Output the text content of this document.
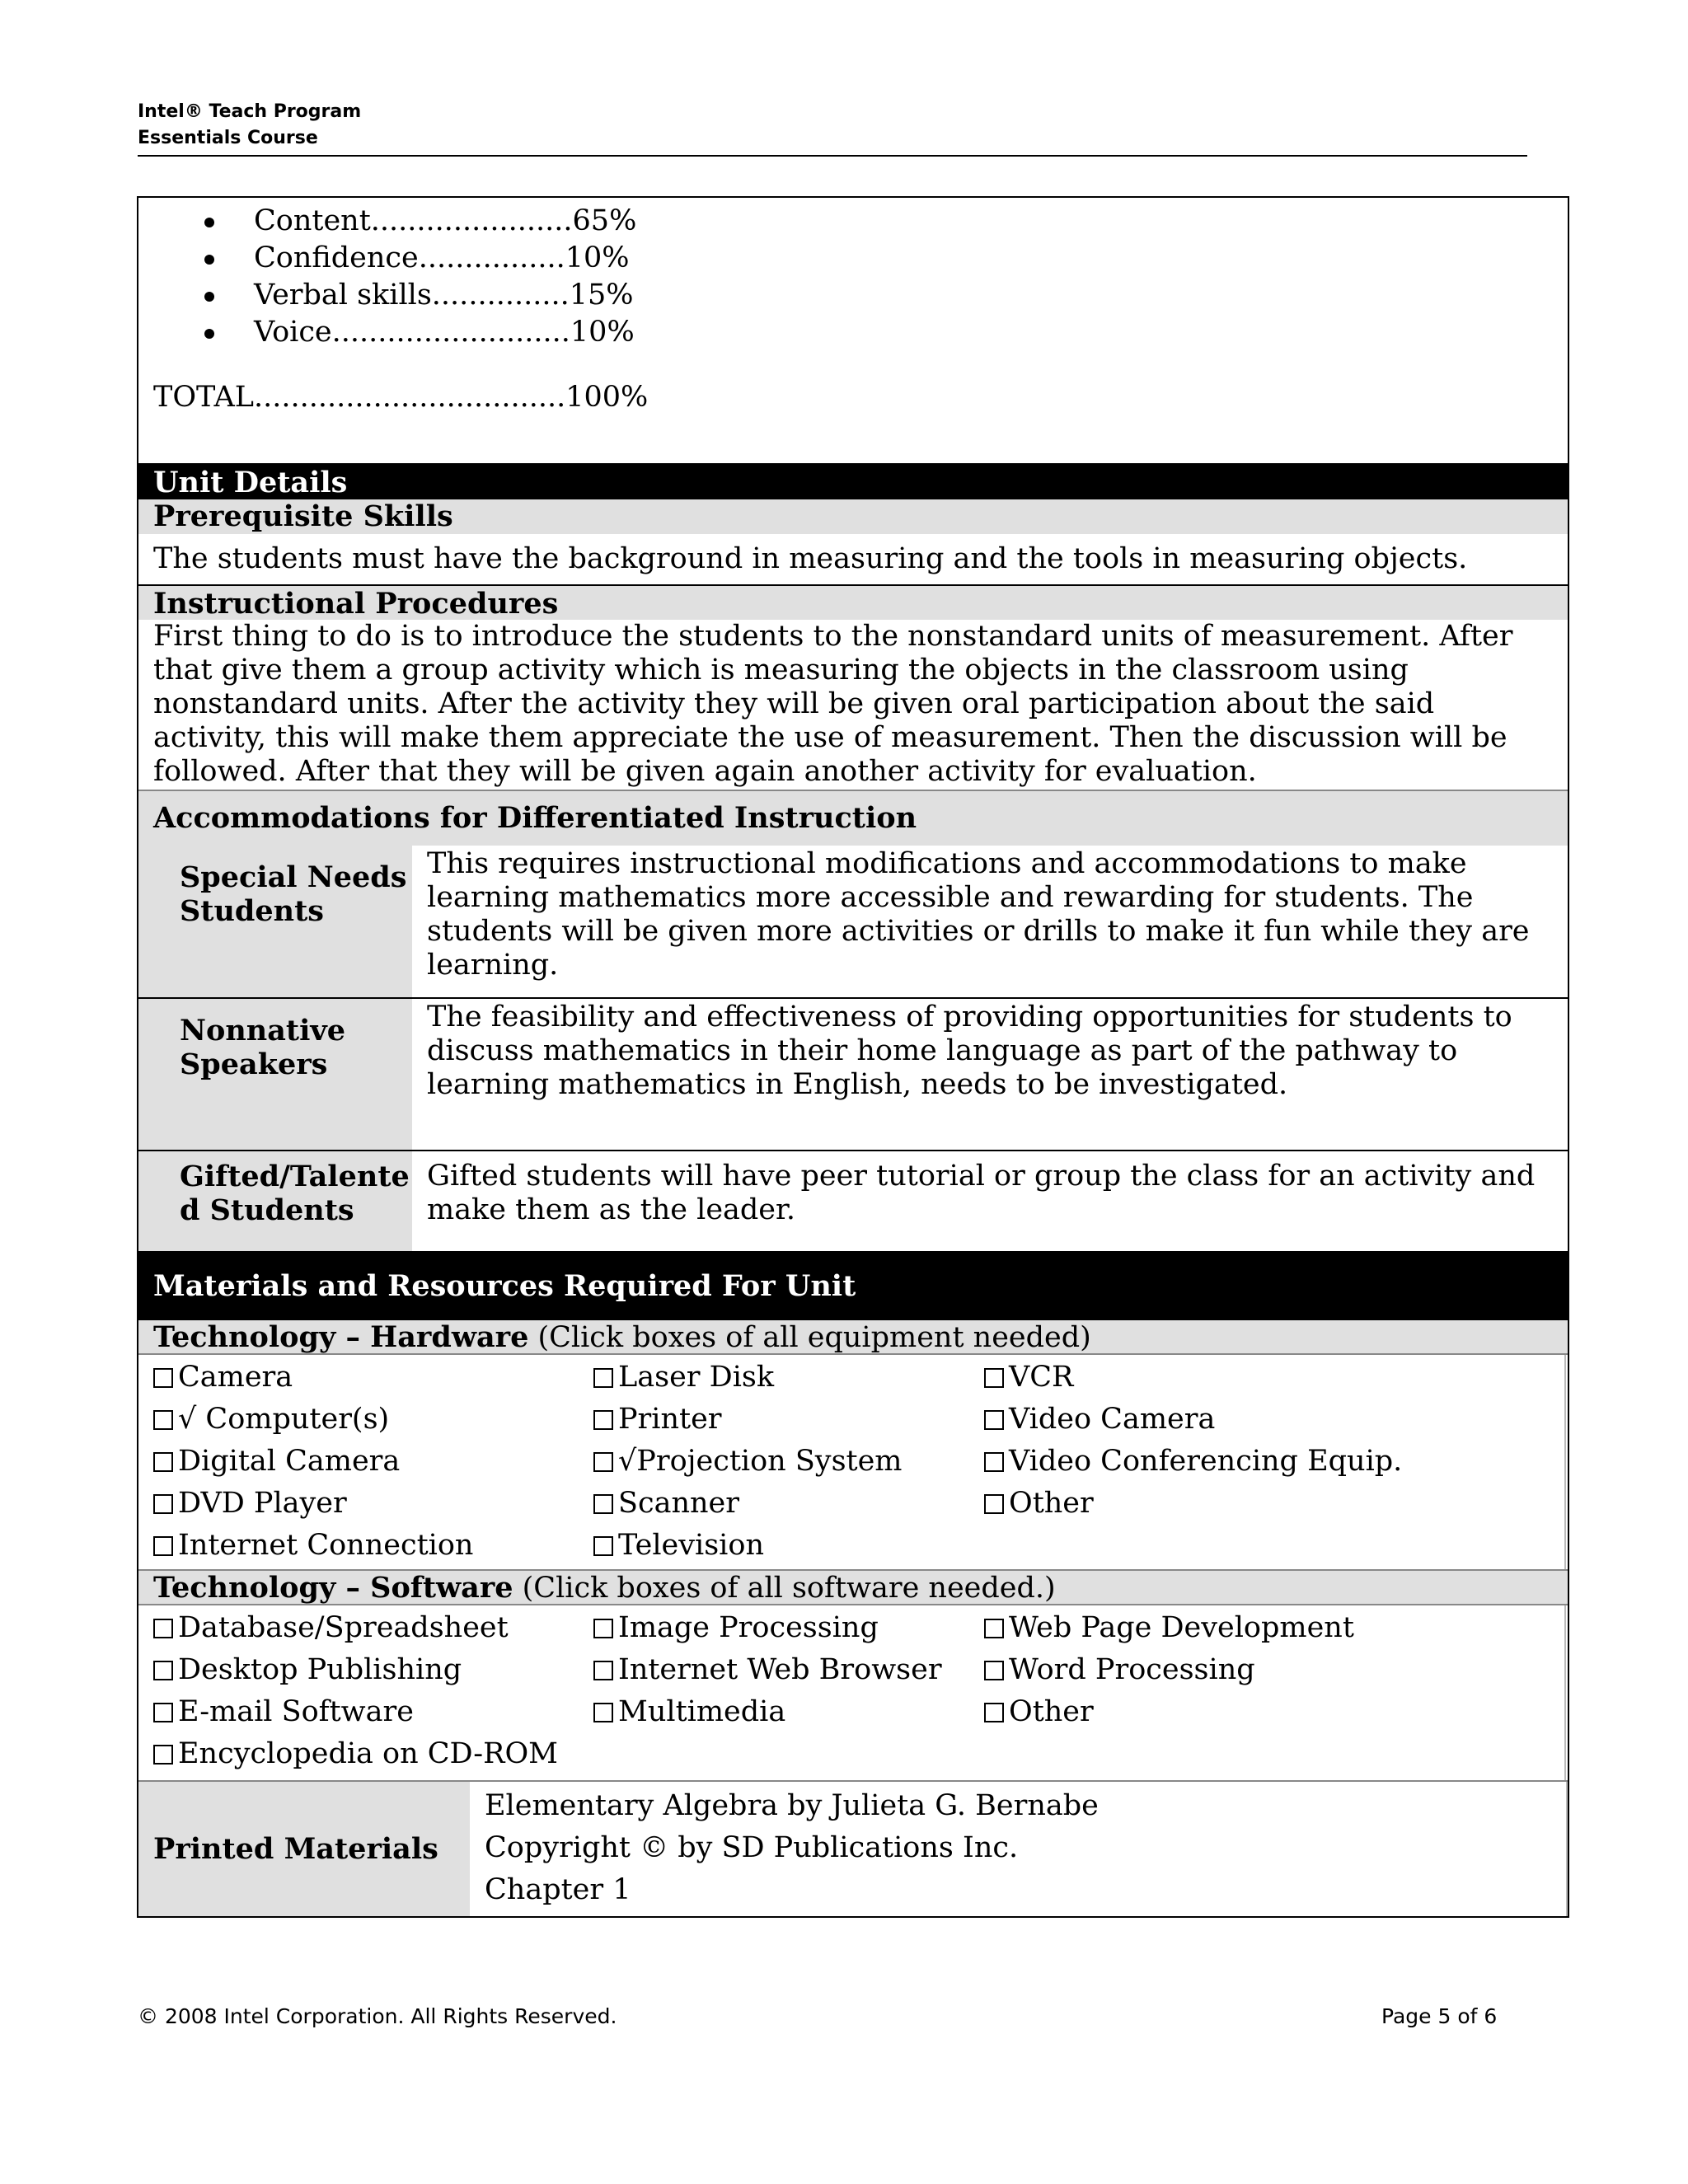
Intel® Teach Program
Essentials Course
Content......................65%
Confidence................10%
Verbal skills...............15%
Voice..........................10%
TOTAL..................................100%
Unit Details
Prerequisite Skills
The students must have the background in measuring and the tools in measuring objects.
Instructional Procedures
First thing to do is to introduce the students to the nonstandard units of measurement. After that give them a group activity which is measuring the objects in the classroom using nonstandard units. After the activity they will be given oral participation about the said activity, this will make them appreciate the use of measurement. Then the discussion will be followed. After that they will be given again another activity for evaluation.
Accommodations for Differentiated Instruction
Special Needs
Students
This requires instructional modifications and accommodations to make learning mathematics more accessible and rewarding for students. The students will be given more activities or drills to make it fun while they are learning.
Nonnative
Speakers
The feasibility and effectiveness of providing opportunities for students to discuss mathematics in their home language as part of the pathway to learning mathematics in English, needs to be investigated.
Gifted/Talente
d Students
Gifted students will have peer tutorial or group the class for an activity and make them as the leader.
Materials and Resources Required For Unit
Technology – Hardware (Click boxes of all equipment needed)
Camera
√ Computer(s)
Digital Camera
DVD Player
Internet Connection
Laser Disk
Printer
√Projection System
Scanner
Television
VCR
Video Camera
Video Conferencing Equip.
Other
Technology – Software (Click boxes of all software needed.)
Database/Spreadsheet
Desktop Publishing
E-mail Software
Encyclopedia on CD-ROM
Image Processing
Internet Web Browser
Multimedia
Web Page Development
Word Processing
Other
Printed Materials
Elementary Algebra by Julieta G. Bernabe
Copyright © by SD Publications Inc.
Chapter 1
© 2008 Intel Corporation. All Rights Reserved.	Page 5 of 6
